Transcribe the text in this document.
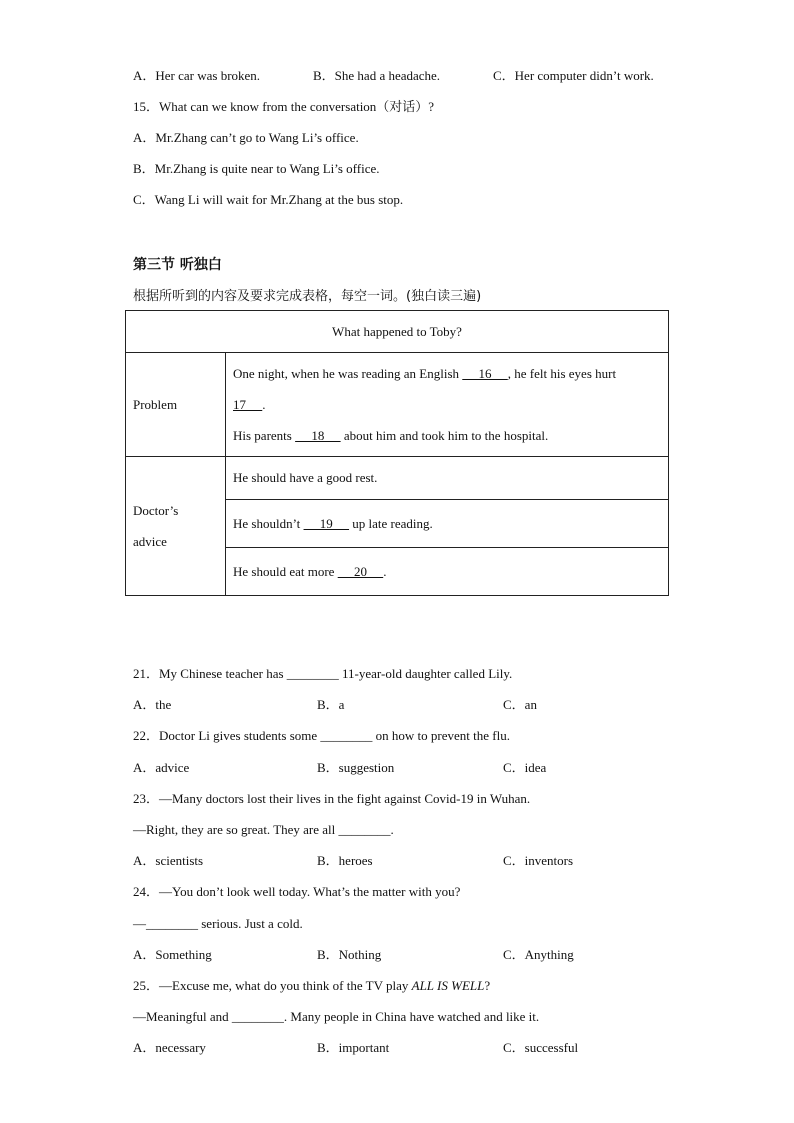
A．Her car was broken.	B．She had a headache.	C．Her computer didn’t work.
15．What can we know from the conversation（对话）?
A．Mr.Zhang can’t go to Wang Li’s office.
B．Mr.Zhang is quite near to Wang Li’s office.
C．Wang Li will wait for Mr.Zhang at the bus stop.
第三节 听独白
根据所听到的内容及要求完成表格，每空一词。(独白读三遍)
What happened to Toby?	
Problem	One night, when he was reading an English      16     , he felt his eyes hurt
17     .
His parents      18      about him and took him to the hospital.

Doctor’s
advice	He should have a good rest.
	He shouldn’t      19      up late reading.
	He should eat more      20     .
21．My Chinese teacher has ________ 11-year-old daughter called Lily.
A．the	B．a	C．an
22．Doctor Li gives students some ________ on how to prevent the flu.
A．advice	B．suggestion	C．idea
23．—Many doctors lost their lives in the fight against Covid-19 in Wuhan.
—Right, they are so great. They are all ________.
A．scientists	B．heroes	C．inventors
24．—You don’t look well today. What’s the matter with you?
—________ serious. Just a cold.
A．Something	B．Nothing	C．Anything
25．—Excuse me, what do you think of the TV play ALL IS WELL?
—Meaningful and ________. Many people in China have watched and like it.
A．necessary	B．important	C．successful
